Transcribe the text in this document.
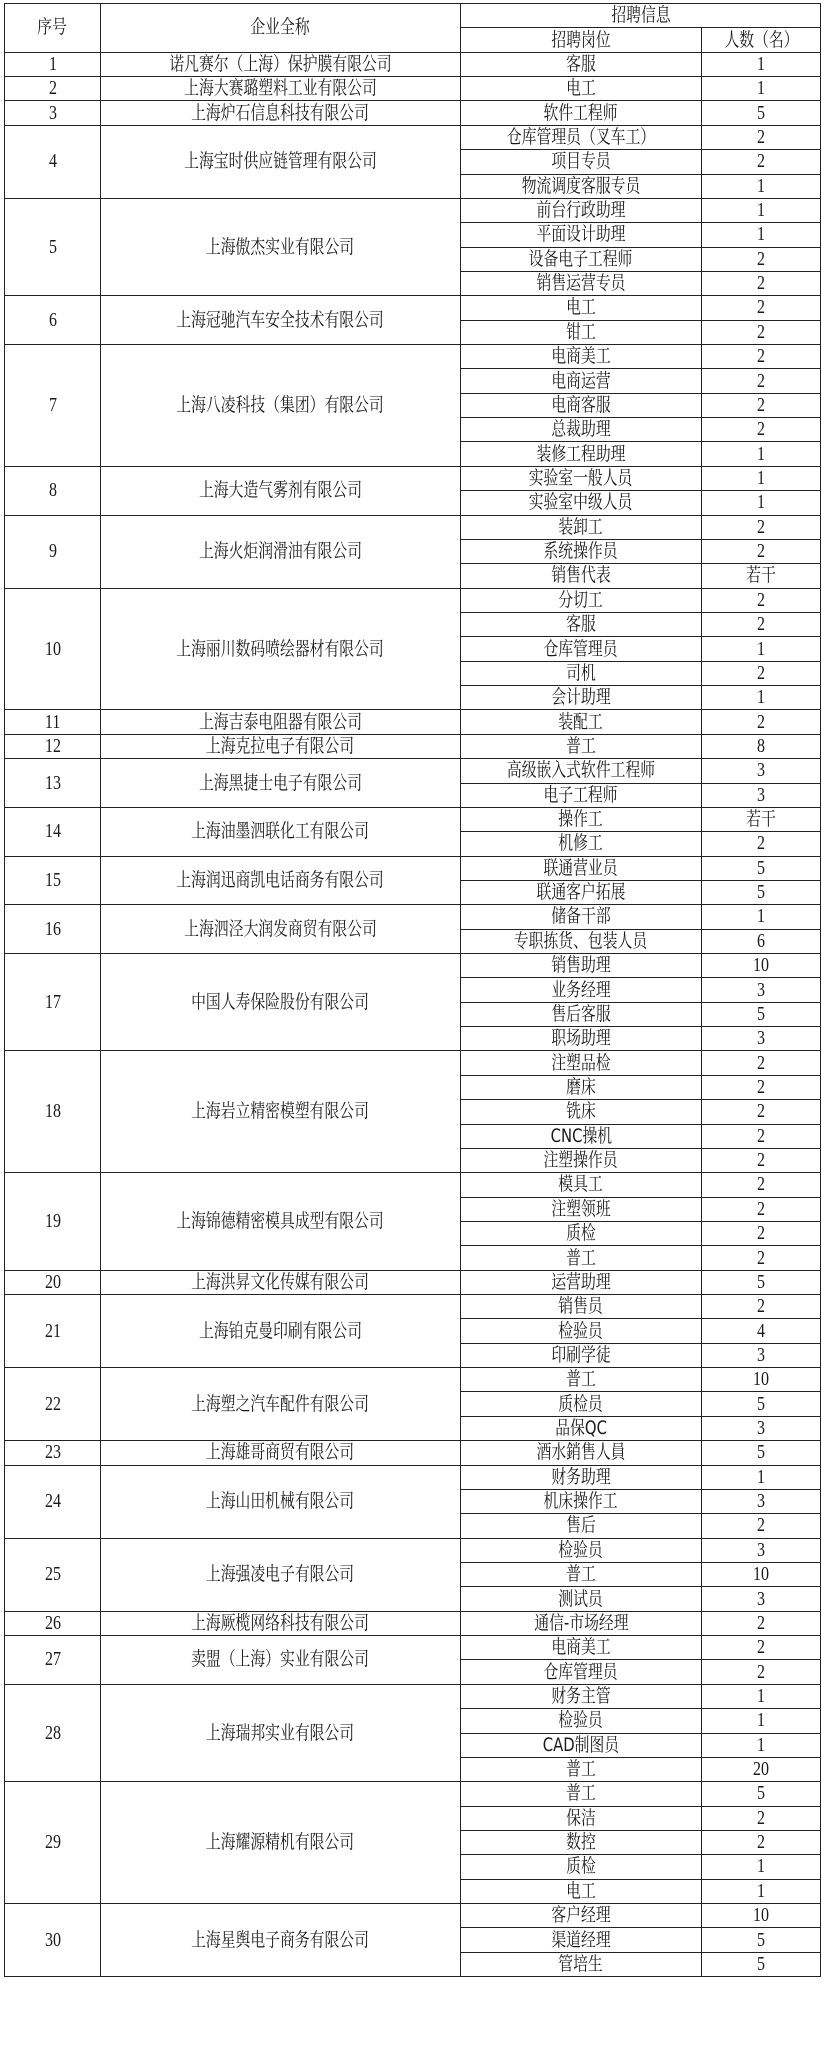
序号	企业全称	招聘信息	
		招聘岗位	人数（名）
1	诺凡赛尔（上海）保护膜有限公司	客服	1
2	上海大赛璐塑料工业有限公司	电工	1
3	上海炉石信息科技有限公司	软件工程师	5
4	上海宝时供应链管理有限公司	仓库管理员（叉车工）	2
		项目专员	2
		物流调度客服专员	1
5	上海傲杰实业有限公司	前台行政助理	1
		平面设计助理	1
		设备电子工程师	2
		销售运营专员	2
6	上海冠驰汽车安全技术有限公司	电工	2
		钳工	2
7	上海八凌科技（集团）有限公司	电商美工	2
		电商运营	2
		电商客服	2
		总裁助理	2
		装修工程助理	1
8	上海大造气雾剂有限公司	实验室一般人员	1
		实验室中级人员	1
9	上海火炬润滑油有限公司	装卸工	2
		系统操作员	2
		销售代表	若干
10	上海丽川数码喷绘器材有限公司	分切工	2
		客服	2
		仓库管理员	1
		司机	2
		会计助理	1
11	上海吉泰电阻器有限公司	装配工	2
12	上海克拉电子有限公司	普工	8
13	上海黑捷士电子有限公司	高级嵌入式软件工程师	3
		电子工程师	3
14	上海油墨泗联化工有限公司	操作工	若干
		机修工	2
15	上海润迅商凯电话商务有限公司	联通营业员	5
		联通客户拓展	5
16	上海泗泾大润发商贸有限公司	储备干部	1
		专职拣货、包装人员	6
17	中国人寿保险股份有限公司	销售助理	10
		业务经理	3
		售后客服	5
		职场助理	3
18	上海岩立精密模塑有限公司	注塑品检	2
		磨床	2
		铣床	2
		CNC操机	2
		注塑操作员	2
19	上海锦德精密模具成型有限公司	模具工	2
		注塑领班	2
		质检	2
		普工	2
20	上海洪昇文化传媒有限公司	运营助理	5
21	上海铂克曼印刷有限公司	销售员	2
		检验员	4
		印刷学徒	3
22	上海塑之汽车配件有限公司	普工	10
		质检员	5
		品保QC	3
23	上海雄哥商贸有限公司	酒水銷售人員	5
24	上海山田机械有限公司	财务助理	1
		机床操作工	3
		售后	2
25	上海强凌电子有限公司	检验员	3
		普工	10
		测试员	3
26	上海厥榄网络科技有限公司	通信-市场经理	2
27	卖盟（上海）实业有限公司	电商美工	2
		仓库管理员	2
28	上海瑞邦实业有限公司	财务主管	1
		检验员	1
		CAD制图员	1
		普工	20
29	上海耀源精机有限公司	普工	5
		保洁	2
		数控	2
		质检	1
		电工	1
30	上海星舆电子商务有限公司	客户经理	10
		渠道经理	5
		管培生	5
